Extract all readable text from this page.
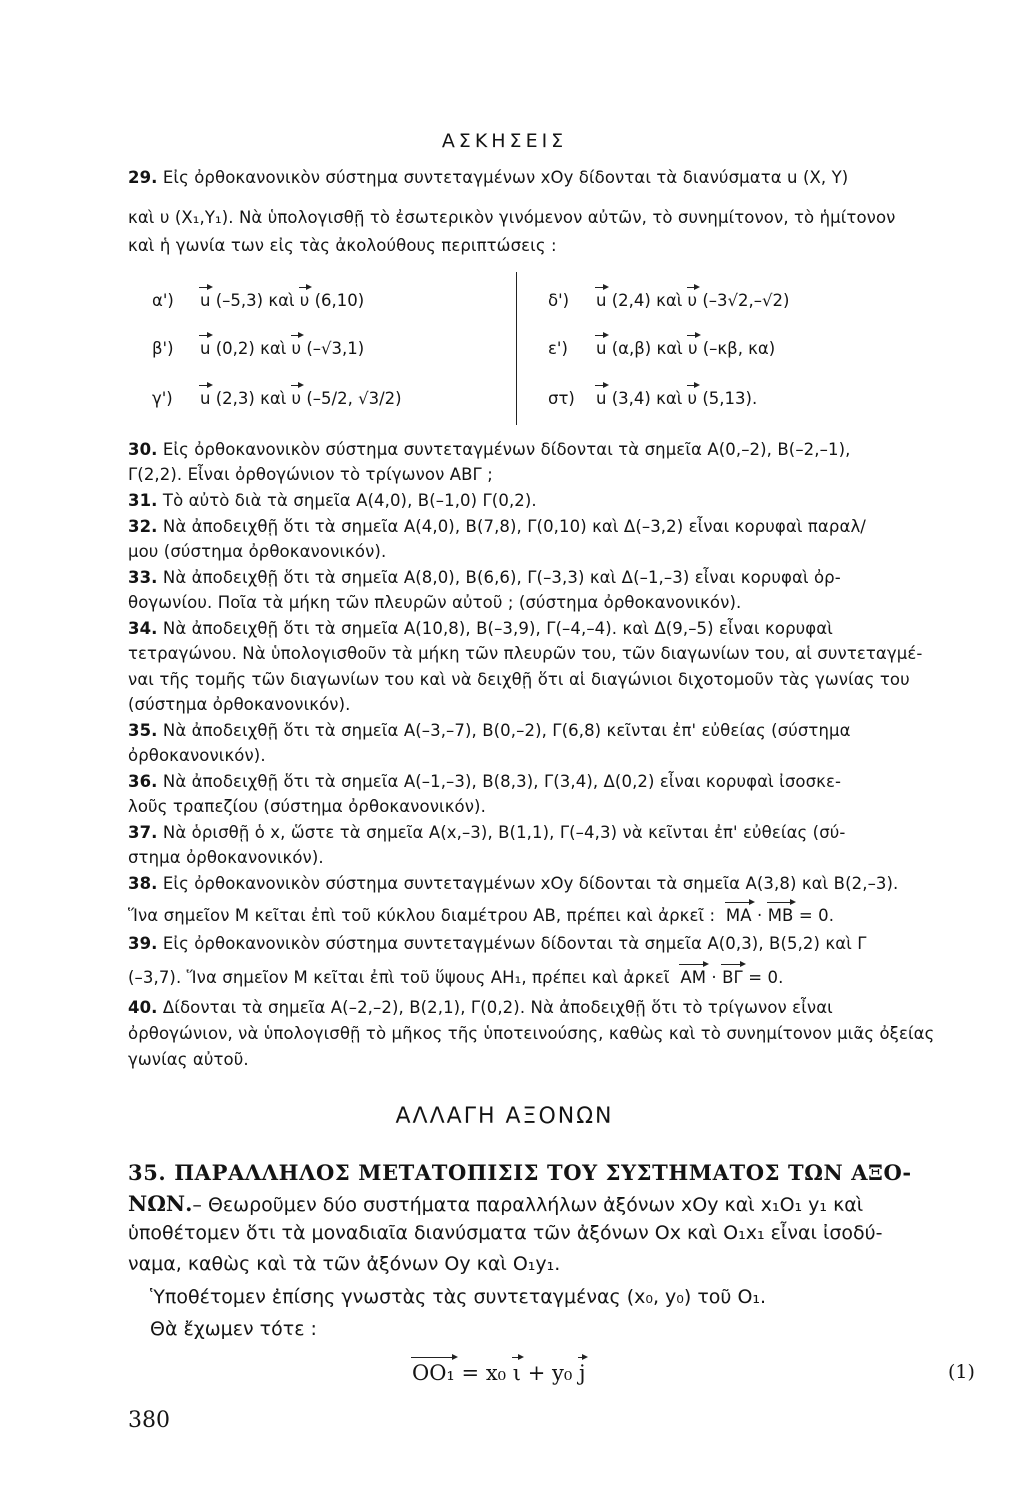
ΑΣΚΗΣΕΙΣ
29. Εἰς ὀρθοκανονικὸν σύστημα συντεταγμένων xOy δίδονται τὰ διανύσματα u (X, Y)
καὶ υ (X₁,Y₁). Νὰ ὑπολογισθῇ τὸ ἐσωτερικὸν γινόμενον αὐτῶν, τὸ συνημίτονον, τὸ ἡμίτονον
καὶ ἡ γωνία των εἰς τὰς ἀκολούθους περιπτώσεις :
α') u (–5,3) καὶ υ (6,10)
β') u (0,2) καὶ υ (–√3,1)
γ') u (2,3) καὶ υ (–5/2, √3/2)
δ') u (2,4) καὶ υ (–3√2,–√2)
ε') u (α,β) καὶ υ (–κβ, κα)
στ) u (3,4) καὶ υ (5,13).
30. Εἰς ὀρθοκανονικὸν σύστημα συντεταγμένων δίδονται τὰ σημεῖα A(0,–2), B(–2,–1),
Γ(2,2). Εἶναι ὀρθογώνιον τὸ τρίγωνον ΑΒΓ ;
31. Τὸ αὐτὸ διὰ τὰ σημεῖα A(4,0), B(–1,0) Γ(0,2).
32. Νὰ ἀποδειχθῇ ὅτι τὰ σημεῖα A(4,0), B(7,8), Γ(0,10) καὶ Δ(–3,2) εἶναι κορυφαὶ παραλ/
μου (σύστημα ὀρθοκανονικόν).
33. Νὰ ἀποδειχθῇ ὅτι τὰ σημεῖα A(8,0), B(6,6), Γ(–3,3) καὶ Δ(–1,–3) εἶναι κορυφαὶ ὀρ-
θογωνίου. Ποῖα τὰ μήκη τῶν πλευρῶν αὐτοῦ ; (σύστημα ὀρθοκανονικόν).
34. Νὰ ἀποδειχθῇ ὅτι τὰ σημεῖα A(10,8), B(–3,9), Γ(–4,–4). καὶ Δ(9,–5) εἶναι κορυφαὶ
τετραγώνου. Νὰ ὑπολογισθοῦν τὰ μήκη τῶν πλευρῶν του, τῶν διαγωνίων του, αἱ συντεταγμέ-
ναι τῆς τομῆς τῶν διαγωνίων του καὶ νὰ δειχθῇ ὅτι αἱ διαγώνιοι διχοτομοῦν τὰς γωνίας του
(σύστημα ὀρθοκανονικόν).
35. Νὰ ἀποδειχθῇ ὅτι τὰ σημεῖα A(–3,–7), B(0,–2), Γ(6,8) κεῖνται ἐπ' εὐθείας (σύστημα
ὀρθοκανονικόν).
36. Νὰ ἀποδειχθῇ ὅτι τὰ σημεῖα A(–1,–3), B(8,3), Γ(3,4), Δ(0,2) εἶναι κορυφαὶ ἰσοσκε-
λοῦς τραπεζίου (σύστημα ὀρθοκανονικόν).
37. Νὰ ὁρισθῇ ὁ x, ὥστε τὰ σημεῖα A(x,–3), B(1,1), Γ(–4,3) νὰ κεῖνται ἐπ' εὐθείας (σύ-
στημα ὀρθοκανονικόν).
38. Εἰς ὀρθοκανονικὸν σύστημα συντεταγμένων xOy δίδονται τὰ σημεῖα A(3,8) καὶ B(2,–3).
Ἵνα σημεῖον M κεῖται ἐπὶ τοῦ κύκλου διαμέτρου AB, πρέπει καὶ ἀρκεῖ : MA · MB = 0.
39. Εἰς ὀρθοκανονικὸν σύστημα συντεταγμένων δίδονται τὰ σημεῖα A(0,3), B(5,2) καὶ Γ
(–3,7). Ἵνα σημεῖον M κεῖται ἐπὶ τοῦ ὕψους AH₁, πρέπει καὶ ἀρκεῖ AM · BΓ = 0.
40. Δίδονται τὰ σημεῖα A(–2,–2), B(2,1), Γ(0,2). Νὰ ἀποδειχθῇ ὅτι τὸ τρίγωνον εἶναι
ὀρθογώνιον, νὰ ὑπολογισθῇ τὸ μῆκος τῆς ὑποτεινούσης, καθὼς καὶ τὸ συνημίτονον μιᾶς ὀξείας
γωνίας αὐτοῦ.
ΑΛΛΑΓΗ ΑΞΟΝΩΝ
35. ΠΑΡΑΛΛΗΛΟΣ ΜΕΤΑΤΟΠΙΣΙΣ ΤΟΥ ΣΥΣΤΗΜΑΤΟΣ ΤΩΝ ΑΞΟ-
ΝΩΝ.– Θεωροῦμεν δύο συστήματα παραλλήλων ἀξόνων xOy καὶ x₁O₁ y₁ καὶ
ὑποθέτομεν ὅτι τὰ μοναδιαῖα διανύσματα τῶν ἀξόνων Ox καὶ O₁x₁ εἶναι ἰσοδύ-
ναμα, καθὼς καὶ τὰ τῶν ἀξόνων Oy καὶ O₁y₁.
Ὑποθέτομεν ἐπίσης γνωστὰς τὰς συντεταγμένας (x₀, y₀) τοῦ O₁.
Θὰ ἔχωμεν τότε :
OO₁ = x₀ ι + y₀ j	(1)
380
